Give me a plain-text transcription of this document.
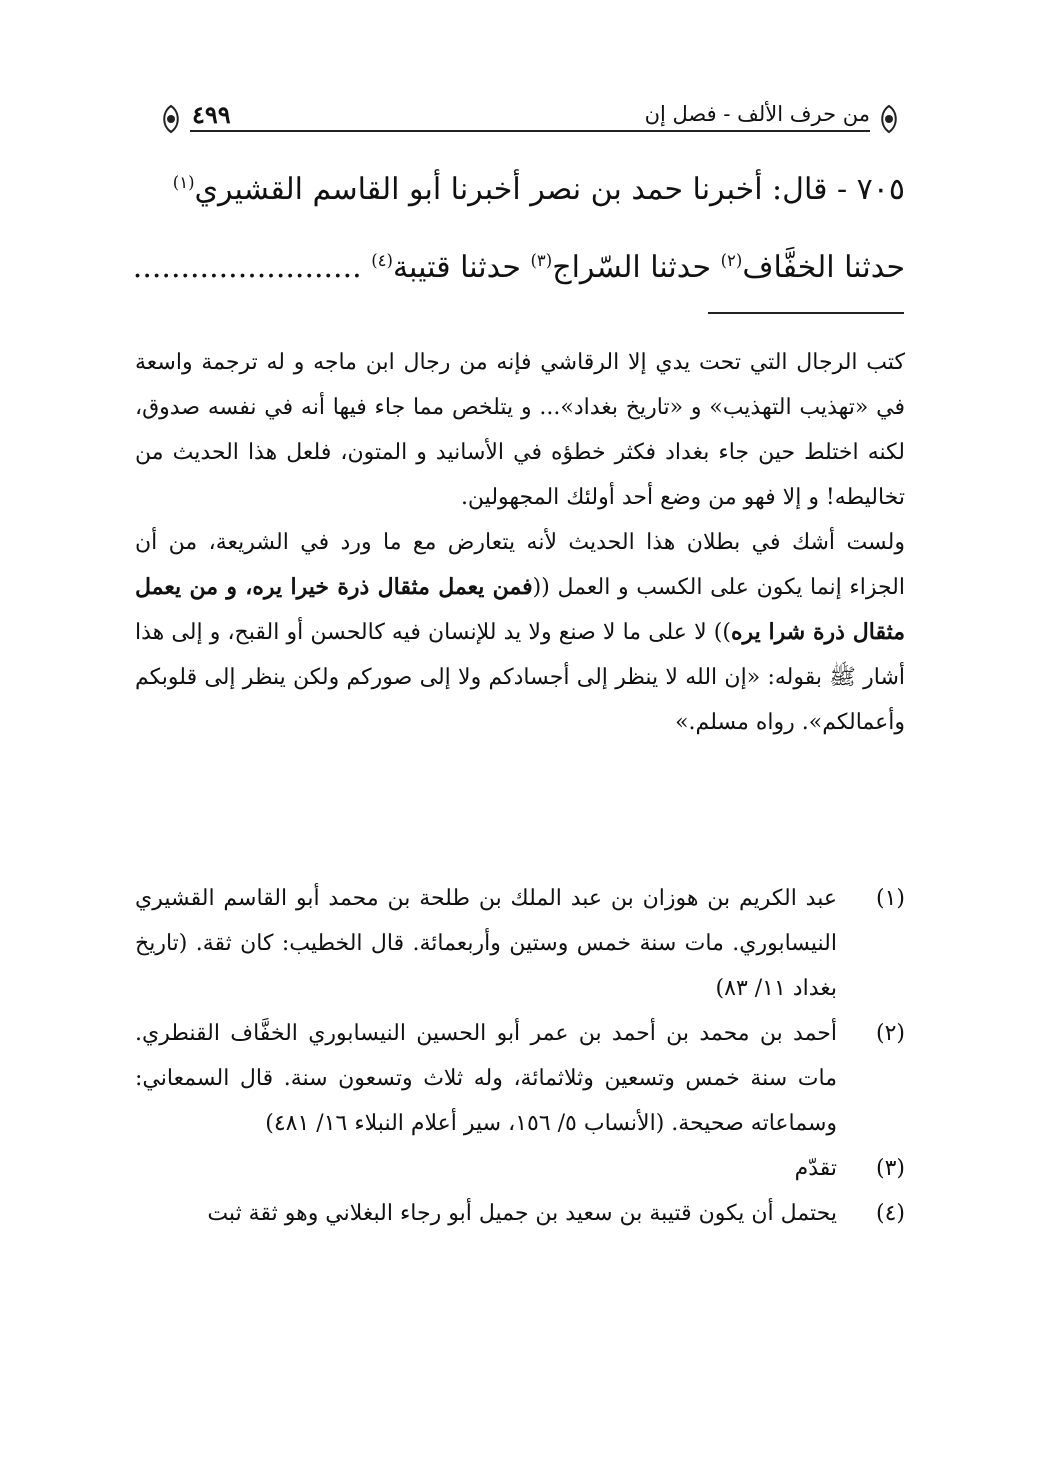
من حرف الألف - فصل إن
٤٩٩
٧٠٥ - قال: أخبرنا حمد بن نصر أخبرنا أبو القاسم القشيري$^{(١)}$
حدثنا الخفَّاف$^{(٢)}$ حدثنا السّراج$^{(٣)}$ حدثنا قتيبة$^{(٤)}$ ........................

كتب الرجال التي تحت يدي إلا الرقاشي فإنه من رجال ابن ماجه و له ترجمة واسعة في «تهذيب التهذيب» و «تاريخ بغداد»... و يتلخص مما جاء فيها أنه في نفسه صدوق، لكنه اختلط حين جاء بغداد فكثر خطؤه في الأسانيد و المتون، فلعل هذا الحديث من تخاليطه! و إلا فهو من وضع أحد أولئك المجهولين.

ولست أشك في بطلان هذا الحديث لأنه يتعارض مع ما ورد في الشريعة، من أن الجزاء إنما يكون على الكسب و العمل ((فمن يعمل مثقال ذرة خيرا يره، و من يعمل مثقال ذرة شرا يره)) لا على ما لا صنع ولا يد للإنسان فيه كالحسن أو القبح، و إلى هذا أشار ﷺ بقوله: «إن الله لا ينظر إلى أجسادكم ولا إلى صوركم ولكن ينظر إلى قلوبكم وأعمالكم». رواه مسلم.»

(١)
عبد الكريم بن هوزان بن عبد الملك بن طلحة بن محمد أبو القاسم القشيري النيسابوري. مات سنة خمس وستين وأربعمائة. قال الخطيب: كان ثقة. (تاريخ بغداد ١١/ ٨٣)
(٢)
أحمد بن محمد بن أحمد بن عمر أبو الحسين النيسابوري الخفَّاف القنطري. مات سنة خمس وتسعين وثلاثمائة، وله ثلاث وتسعون سنة. قال السمعاني: وسماعاته صحيحة. (الأنساب ٥/ ١٥٦، سير أعلام النبلاء ١٦/ ٤٨١)
(٣)
تقدّم
(٤)
يحتمل أن يكون قتيبة بن سعيد بن جميل أبو رجاء البغلاني وهو ثقة ثبت
